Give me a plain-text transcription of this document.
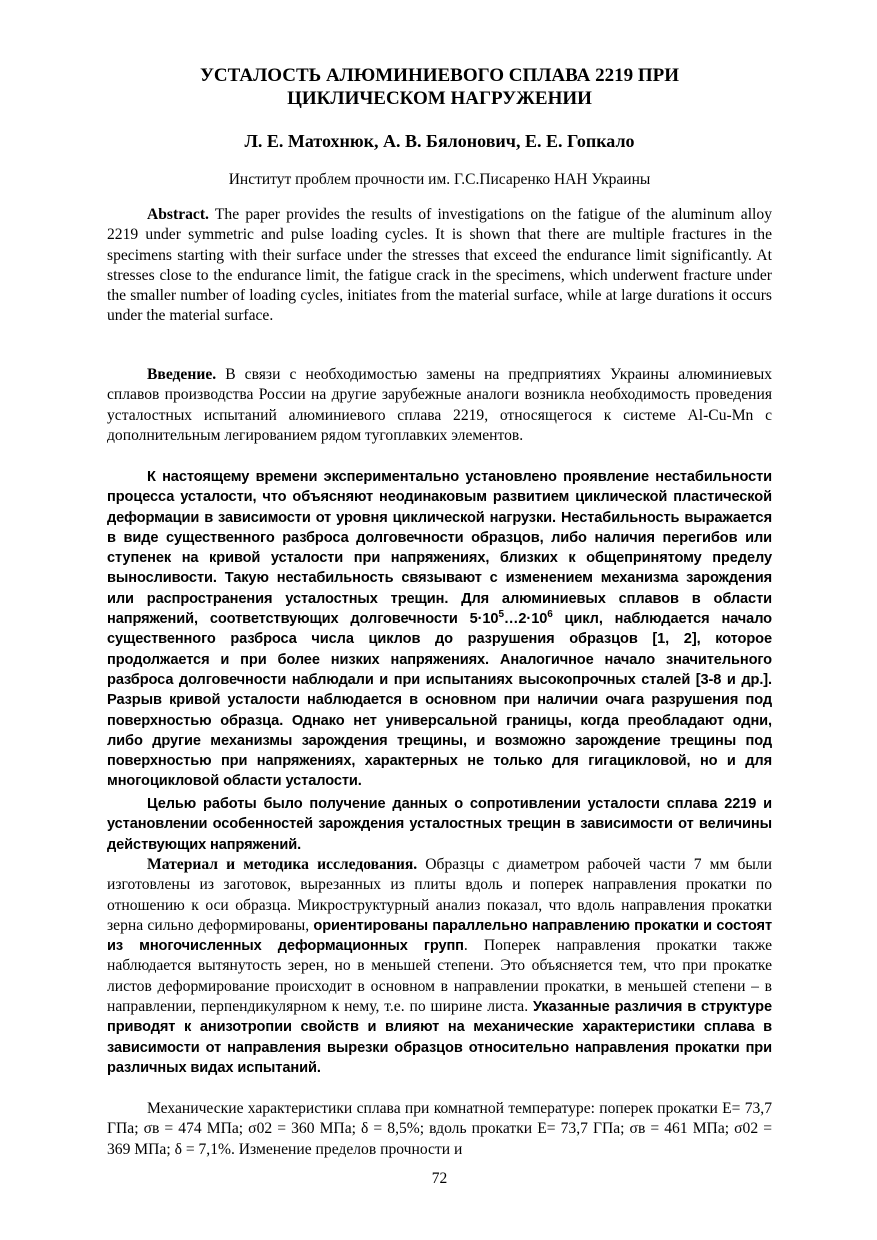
УСТАЛОСТЬ АЛЮМИНИЕВОГО СПЛАВА 2219 ПРИ
ЦИКЛИЧЕСКОМ НАГРУЖЕНИИ
Л. Е. Матохнюк, А. В. Бялонович, Е. Е. Гопкало
Институт проблем прочности им. Г.С.Писаренко НАН Украины

Abstract. The paper provides the results of investigations on the fatigue of the aluminum alloy 2219 under symmetric and pulse loading cycles. It is shown that there are multiple fractures in the specimens starting with their surface under the stresses that exceed the endurance limit significantly. At stresses close to the endurance limit, the fatigue crack in the specimens, which underwent fracture under the smaller number of loading cycles, initiates from the material surface, while at large durations it occurs under the material surface.

Введение. В связи с необходимостью замены на предприятиях Украины алюминиевых сплавов производства России на другие зарубежные аналоги возникла необходимость проведения усталостных испытаний алюминиевого сплава 2219, относящегося к системе Al-Cu-Mn с дополнительным легированием рядом тугоплавких элементов.

К настоящему времени экспериментально установлено проявление нестабильности процесса усталости, что объясняют неодинаковым развитием циклической пластической деформации в зависимости от уровня циклической нагрузки. Нестабильность выражается в виде существенного разброса долговечности образцов, либо наличия перегибов или ступенек на кривой усталости при напряжениях, близких к общепринятому пределу выносливости. Такую нестабильность связывают с изменением механизма зарождения или распространения усталостных трещин. Для алюминиевых сплавов в области напряжений, соответствующих долговечности $5\cdot 10^5\dots 2\cdot 10^6$ цикл, наблюдается начало существенного разброса числа циклов до разрушения образцов [1, 2], которое продолжается и при более низких напряжениях. Аналогичное начало значительного разброса долговечности наблюдали и при испытаниях высокопрочных сталей [3-8 и др.]. Разрыв кривой усталости наблюдается в основном при наличии очага разрушения под поверхностью образца. Однако нет универсальной границы, когда преобладают одни, либо другие механизмы зарождения трещины, и возможно зарождение трещины под поверхностью при напряжениях, характерных не только для гигациклoвой, но и для многоцикловой области усталости.

Целью работы было получение данных о сопротивлении усталости сплава 2219 и установлении особенностей зарождения усталостных трещин в зависимости от величины действующих напряжений.

Материал и методика исследования. Образцы с диаметром рабочей части 7 мм были изготовлены из заготовок, вырезанных из плиты вдоль и поперек направления прокатки по отношению к оси образца. Микроструктурный анализ показал, что вдоль направления прокатки зерна сильно деформированы, ориентированы параллельно направлению прокатки и состоят из многочисленных деформационных групп. Поперек направления прокатки также наблюдается вытянутость зерен, но в меньшей степени. Это объясняется тем, что при прокатке листов деформирование происходит в основном в направлении прокатки, в меньшей степени – в направлении, перпендикулярном к нему, т.е. по ширине листа. Указанные различия в структуре приводят к анизотропии свойств и влияют на механические характеристики сплава в зависимости от направления вырезки образцов относительно направления прокатки при различных видах испытаний.

Механические характеристики сплава при комнатной температуре: поперек прокатки E= 73,7 ГПа; σв = 474 МПа; σ02 = 360 МПа; δ = 8,5%; вдоль прокатки E= 73,7 ГПа; σв = 461 МПа; σ02 = 369 МПа; δ = 7,1%. Изменение пределов прочности и

72
